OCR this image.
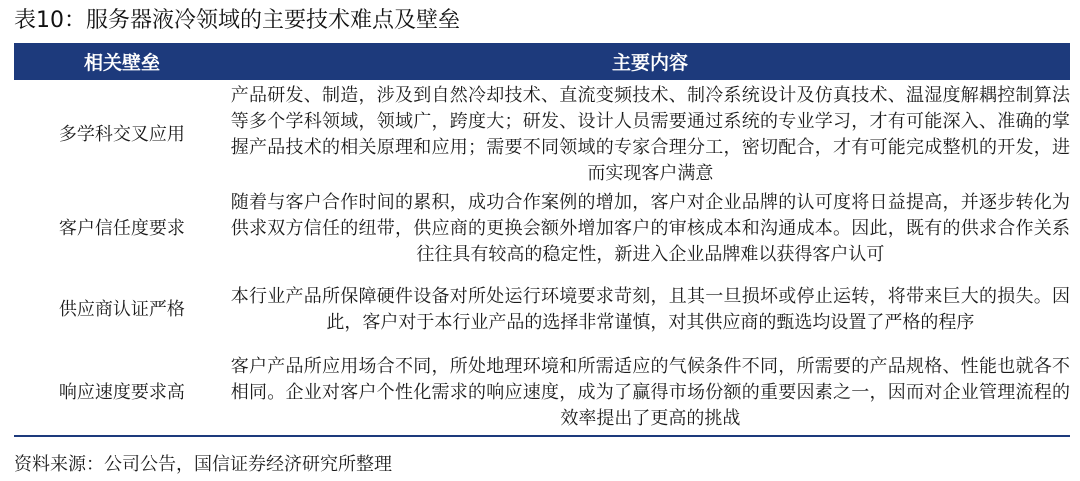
表10：服务器液冷领域的主要技术难点及壁垒
相关壁垒	主要内容
多学科交叉应用
产品研发、制造，涉及到自然冷却技术、直流变频技术、制冷系统设计及仿真技术、温湿度解耦控制算法等多个学科领域，领域广，跨度大；研发、设计人员需要通过系统的专业学习，才有可能深入、准确的掌握产品技术的相关原理和应用；需要不同领域的专家合理分工，密切配合，才有可能完成整机的开发，进而实现客户满意
客户信任度要求
随着与客户合作时间的累积，成功合作案例的增加，客户对企业品牌的认可度将日益提高，并逐步转化为供求双方信任的纽带，供应商的更换会额外增加客户的审核成本和沟通成本。因此，既有的供求合作关系往往具有较高的稳定性，新进入企业品牌难以获得客户认可
供应商认证严格
本行业产品所保障硬件设备对所处运行环境要求苛刻，且其一旦损坏或停止运转，将带来巨大的损失。因此，客户对于本行业产品的选择非常谨慎，对其供应商的甄选均设置了严格的程序
响应速度要求高
客户产品所应用场合不同，所处地理环境和所需适应的气候条件不同，所需要的产品规格、性能也就各不相同。企业对客户个性化需求的响应速度，成为了赢得市场份额的重要因素之一，因而对企业管理流程的效率提出了更高的挑战
资料来源：公司公告，国信证券经济研究所整理
